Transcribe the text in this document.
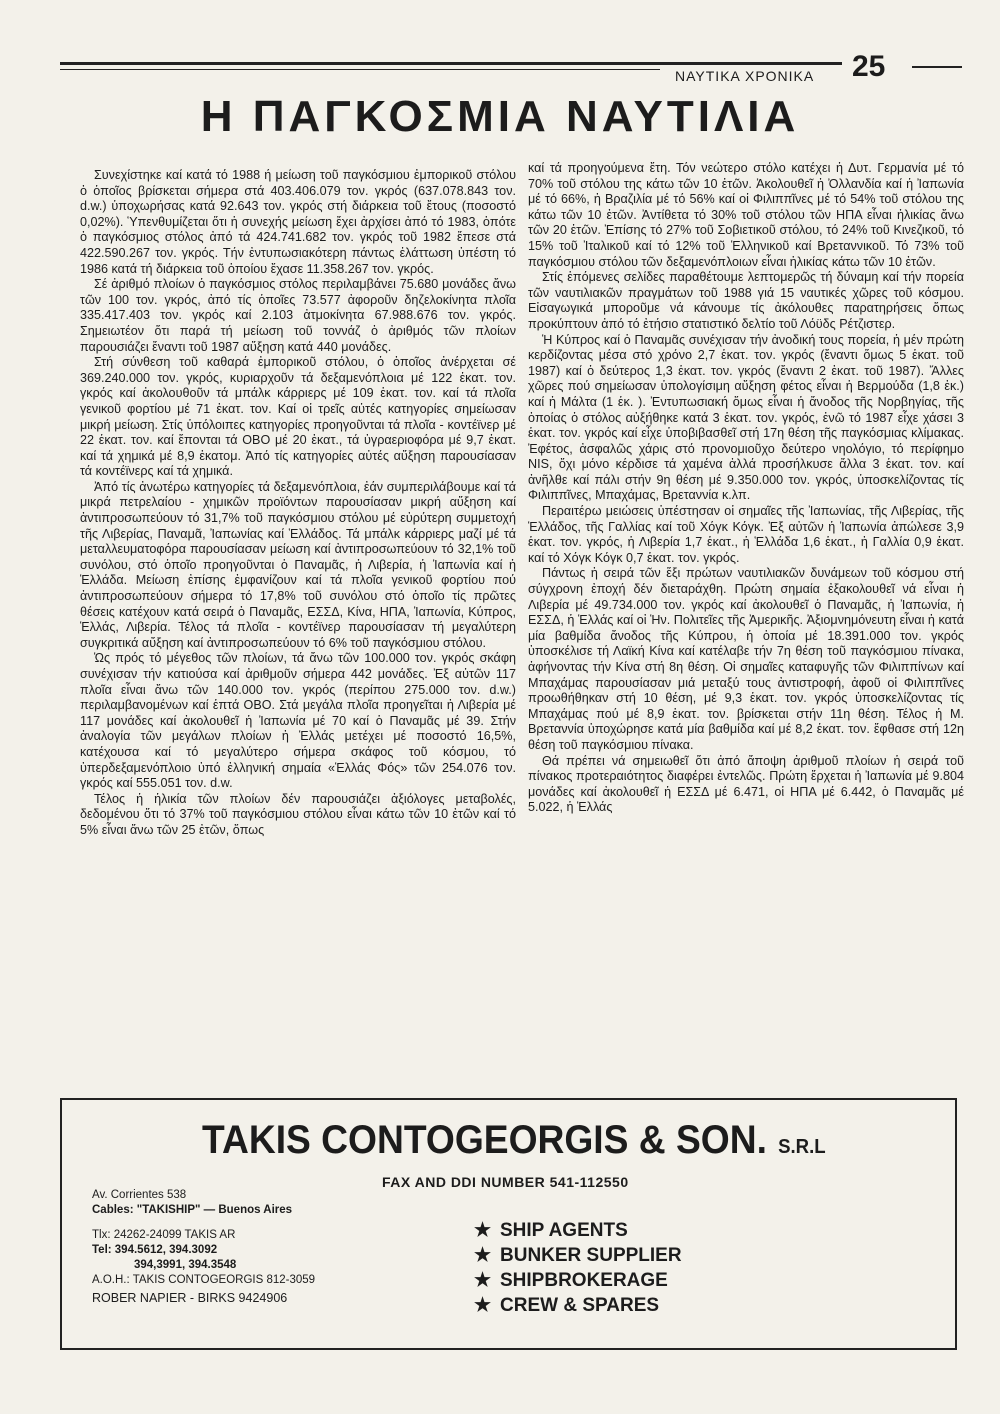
ΝΑΥΤΙΚΑ ΧΡΟΝΙΚΑ 25
Η ΠΑΓΚΟΣΜΙΑ ΝΑΥΤΙΛΙΑ

Συνεχίστηκε καί κατά τό 1988 ή μείωση τοῦ παγκόσμιου ἐμπορικοῦ στόλου ὁ ὁποῖος βρίσκεται σήμερα στά 403.406.079 τον. γκρός (637.078.843 τον. d.w.) ὑποχωρήσας κατά 92.643 τον. γκρός στή διάρκεια τοῦ ἔτους (ποσοστό 0,02%). Ὑπενθυμίζεται ὅτι ἡ συνεχής μείωση ἔχει ἀρχίσει ἀπό τό 1983, ὁπότε ὁ παγκόσμιος στόλος ἀπό τά 424.741.682 τον. γκρός τοῦ 1982 ἔπεσε στά 422.590.267 τον. γκρός. Τήν ἐντυπωσιακότερη πάντως ἐλάττωση ὑπέστη τό 1986 κατά τή διάρκεια τοῦ ὁποίου ἔχασε 11.358.267 τον. γκρός.

Σέ ἀριθμό πλοίων ὁ παγκόσμιος στόλος περιλαμβάνει 75.680 μονάδες ἄνω τῶν 100 τον. γκρός, ἀπό τίς ὁποῖες 73.577 ἀφοροῦν δηζελοκίνητα πλοῖα 335.417.403 τον. γκρός καί 2.103 ἀτμοκίνητα 67.988.676 τον. γκρός. Σημειωτέον ὅτι παρά τή μείωση τοῦ τοννάζ ὁ ἀριθμός τῶν πλοίων παρουσιάζει ἔναντι τοῦ 1987 αὔξηση κατά 440 μονάδες.

Στή σύνθεση τοῦ καθαρά ἐμπορικοῦ στόλου, ὁ ὁποῖος ἀνέρχεται σέ 369.240.000 τον. γκρός, κυριαρχοῦν τά δεξαμενόπλοια μέ 122 ἑκατ. τον. γκρός καί ἀκολουθοῦν τά μπάλκ κάρριερς μέ 109 ἑκατ. τον. καί τά πλοῖα γενικοῦ φορτίου μέ 71 ἑκατ. τον. Καί οἱ τρεῖς αὐτές κατηγορίες σημείωσαν μικρή μείωση. Στίς ὑπόλοιπες κατηγορίες προηγοῦνται τά πλοῖα - κοντέϊνερ μέ 22 ἑκατ. τον. καί ἕπονται τά ΟΒΟ μέ 20 ἑκατ., τά ὑγραεριοφόρα μέ 9,7 ἑκατ. καί τά χημικά μέ 8,9 ἑκατομ. Ἀπό τίς κατηγορίες αὐτές αὔξηση παρουσίασαν τά κοντέϊνερς καί τά χημικά.

Ἀπό τίς ἀνωτέρω κατηγορίες τά δεξαμενόπλοια, ἐάν συμπεριλάβουμε καί τά μικρά πετρελαίου - χημικῶν προϊόντων παρουσίασαν μικρή αὔξηση καί ἀντιπροσωπεύουν τό 31,7% τοῦ παγκόσμιου στόλου μέ εὐρύτερη συμμετοχή τῆς Λιβερίας, Παναμᾶ, Ἰαπωνίας καί Ἑλλάδος. Τά μπάλκ κάρριερς μαζί μέ τά μεταλλευματοφόρα παρουσίασαν μείωση καί ἀντιπροσωπεύουν τό 32,1% τοῦ συνόλου, στό ὁποῖο προηγοῦνται ὁ Παναμᾶς, ἡ Λιβερία, ἡ Ἰαπωνία καί ἡ Ἑλλάδα. Μείωση ἐπίσης ἐμφανίζουν καί τά πλοῖα γενικοῦ φορτίου πού ἀντιπροσωπεύουν σήμερα τό 17,8% τοῦ συνόλου στό ὁποῖο τίς πρῶτες θέσεις κατέχουν κατά σειρά ὁ Παναμᾶς, ΕΣΣΔ, Κίνα, ΗΠΑ, Ἰαπωνία, Κύπρος, Ἑλλάς, Λιβερία. Τέλος τά πλοῖα - κοντέϊνερ παρουσίασαν τή μεγαλύτερη συγκριτικά αὔξηση καί ἀντιπροσωπεύουν τό 6% τοῦ παγκόσμιου στόλου.

Ὡς πρός τό μέγεθος τῶν πλοίων, τά ἄνω τῶν 100.000 τον. γκρός σκάφη συνέχισαν τήν κατιούσα καί ἀριθμοῦν σήμερα 442 μονάδες. Ἐξ αὐτῶν 117 πλοῖα εἶναι ἄνω τῶν 140.000 τον. γκρός (περίπου 275.000 τον. d.w.) περιλαμβανομένων καί ἑπτά ΟΒΟ. Στά μεγάλα πλοῖα προηγεῖται ἡ Λιβερία μέ 117 μονάδες καί ἀκολουθεῖ ἡ Ἰαπωνία μέ 70 καί ὁ Παναμᾶς μέ 39. Στήν ἀναλογία τῶν μεγάλων πλοίων ἡ Ἑλλάς μετέχει μέ ποσοστό 16,5%, κατέχουσα καί τό μεγαλύτερο σήμερα σκάφος τοῦ κόσμου, τό ὑπερδεξαμενόπλοιο ὑπό ἑλληνική σημαία «Ἑλλάς Φός» τῶν 254.076 τον. γκρός καί 555.051 τον. d.w.

Τέλος ἡ ἡλικία τῶν πλοίων δέν παρουσιάζει ἀξιόλογες μεταβολές, δεδομένου ὅτι τό 37% τοῦ παγκόσμιου στόλου εἶναι κάτω τῶν 10 ἐτῶν καί τό 5% εἶναι ἄνω τῶν 25 ἐτῶν, ὅπως

καί τά προηγούμενα ἔτη. Τόν νεώτερο στόλο κατέχει ἡ Δυτ. Γερμανία μέ τό 70% τοῦ στόλου της κάτω τῶν 10 ἐτῶν. Ἀκολουθεῖ ἡ Ὀλλανδία καί ἡ Ἰαπωνία μέ τό 66%, ἡ Βραζιλία μέ τό 56% καί οἱ Φιλιππῖνες μέ τό 54% τοῦ στόλου της κάτω τῶν 10 ἐτῶν. Ἀντίθετα τό 30% τοῦ στόλου τῶν ΗΠΑ εἶναι ἡλικίας ἄνω τῶν 20 ἐτῶν. Ἐπίσης τό 27% τοῦ Σοβιετικοῦ στόλου, τό 24% τοῦ Κινεζικοῦ, τό 15% τοῦ Ἰταλικοῦ καί τό 12% τοῦ Ἑλληνικοῦ καί Βρεταννικοῦ. Τό 73% τοῦ παγκόσμιου στόλου τῶν δεξαμενόπλοιων εἶναι ἡλικίας κάτω τῶν 10 ἐτῶν.

Στίς ἑπόμενες σελίδες παραθέτουμε λεπτομερῶς τή δύναμη καί τήν πορεία τῶν ναυτιλιακῶν πραγμάτων τοῦ 1988 γιά 15 ναυτικές χῶρες τοῦ κόσμου. Εἰσαγωγικά μποροῦμε νά κάνουμε τίς ἀκόλουθες παρατηρήσεις ὅπως προκύπτουν ἀπό τό ἐτήσιο στατιστικό δελτίο τοῦ Λόϋδς Ρέτζιστερ.

Ἡ Κύπρος καί ὁ Παναμᾶς συνέχισαν τήν ἀνοδική τους πορεία, ἡ μέν πρώτη κερδίζοντας μέσα στό χρόνο 2,7 ἑκατ. τον. γκρός (ἔναντι ὅμως 5 ἑκατ. τοῦ 1987) καί ὁ δεύτερος 1,3 ἑκατ. τον. γκρός (ἔναντι 2 ἑκατ. τοῦ 1987). Ἄλλες χῶρες πού σημείωσαν ὑπολογίσιμη αὔξηση φέτος εἶναι ἡ Βερμούδα (1,8 ἑκ.) καί ἡ Μάλτα (1 ἑκ. ). Ἐντυπωσιακή ὅμως εἶναι ἡ ἄνοδος τῆς Νορβηγίας, τῆς ὁποίας ὁ στόλος αὐξήθηκε κατά 3 ἑκατ. τον. γκρός, ἐνῶ τό 1987 εἶχε χάσει 3 ἑκατ. τον. γκρός καί εἶχε ὑποβιβασθεῖ στή 17η θέση τῆς παγκόσμιας κλίμακας. Ἐφέτος, ἀσφαλῶς χάρις στό προνομιοῦχο δεύτερο νηολόγιο, τό περίφημο NIS, ὄχι μόνο κέρδισε τά χαμένα ἀλλά προσήλκυσε ἄλλα 3 ἑκατ. τον. καί ἀνῆλθε καί πάλι στήν 9η θέση μέ 9.350.000 τον. γκρός, ὑποσκελίζοντας τίς Φιλιππῖνες, Μπαχάμας, Βρεταννία κ.λπ.

Περαιτέρω μειώσεις ὑπέστησαν οἱ σημαῖες τῆς Ἰαπωνίας, τῆς Λιβερίας, τῆς Ἑλλάδος, τῆς Γαλλίας καί τοῦ Χόγκ Κόγκ. Ἐξ αὐτῶν ἡ Ἰαπωνία ἀπώλεσε 3,9 ἑκατ. τον. γκρός, ἡ Λιβερία 1,7 ἑκατ., ἡ Ἑλλάδα 1,6 ἑκατ., ἡ Γαλλία 0,9 ἑκατ. καί τό Χόγκ Κόγκ 0,7 ἑκατ. τον. γκρός.

Πάντως ἡ σειρά τῶν ἕξι πρώτων ναυτιλιακῶν δυνάμεων τοῦ κόσμου στή σύγχρονη ἐποχή δέν διεταράχθη. Πρώτη σημαία ἐξακολουθεῖ νά εἶναι ἡ Λιβερία μέ 49.734.000 τον. γκρός καί ἀκολουθεῖ ὁ Παναμᾶς, ἡ Ἰαπωνία, ἡ ΕΣΣΔ, ἡ Ἑλλάς καί οἱ Ἡν. Πολιτεῖες τῆς Ἀμερικῆς. Ἀξιομνημόνευτη εἶναι ἡ κατά μία βαθμίδα ἄνοδος τῆς Κύπρου, ἡ ὁποία μέ 18.391.000 τον. γκρός ὑποσκέλισε τή Λαϊκή Κίνα καί κατέλαβε τήν 7η θέση τοῦ παγκόσμιου πίνακα, ἀφήνοντας τήν Κίνα στή 8η θέση. Οἱ σημαῖες καταφυγῆς τῶν Φιλιππίνων καί Μπαχάμας παρουσίασαν μιά μεταξύ τους ἀντιστροφή, ἀφοῦ οἱ Φιλιππῖνες προωθήθηκαν στή 10 θέση, μέ 9,3 ἑκατ. τον. γκρός ὑποσκελίζοντας τίς Μπαχάμας πού μέ 8,9 ἑκατ. τον. βρίσκεται στήν 11η θέση. Τέλος ἡ Μ. Βρεταννία ὑποχώρησε κατά μία βαθμίδα καί μέ 8,2 ἑκατ. τον. ἔφθασε στή 12η θέση τοῦ παγκόσμιου πίνακα.

Θά πρέπει νά σημειωθεῖ ὅτι ἀπό ἄποψη ἀριθμοῦ πλοίων ἡ σειρά τοῦ πίνακος προτεραιότητος διαφέρει ἐντελῶς. Πρώτη ἔρχεται ἡ Ἰαπωνία μέ 9.804 μονάδες καί ἀκολουθεῖ ἡ ΕΣΣΔ μέ 6.471, οἱ ΗΠΑ μέ 6.442, ὁ Παναμᾶς μέ 5.022, ἡ Ἑλλάς

TAKIS CONTOGEORGIS & SON. S.R.L
FAX AND DDI NUMBER 541-112550
Av. Corrientes 538
Cables: "TAKISHIP" — Buenos Aires
Tlx: 24262-24099 TAKIS AR
Tel: 394.5612, 394.3092
394,3991, 394.3548
A.O.H.: TAKIS CONTOGEORGIS 812-3059
ROBER NAPIER - BIRKS 9424906
★ SHIP AGENTS
★ BUNKER SUPPLIER
★ SHIPBROKERAGE
★ CREW & SPARES
